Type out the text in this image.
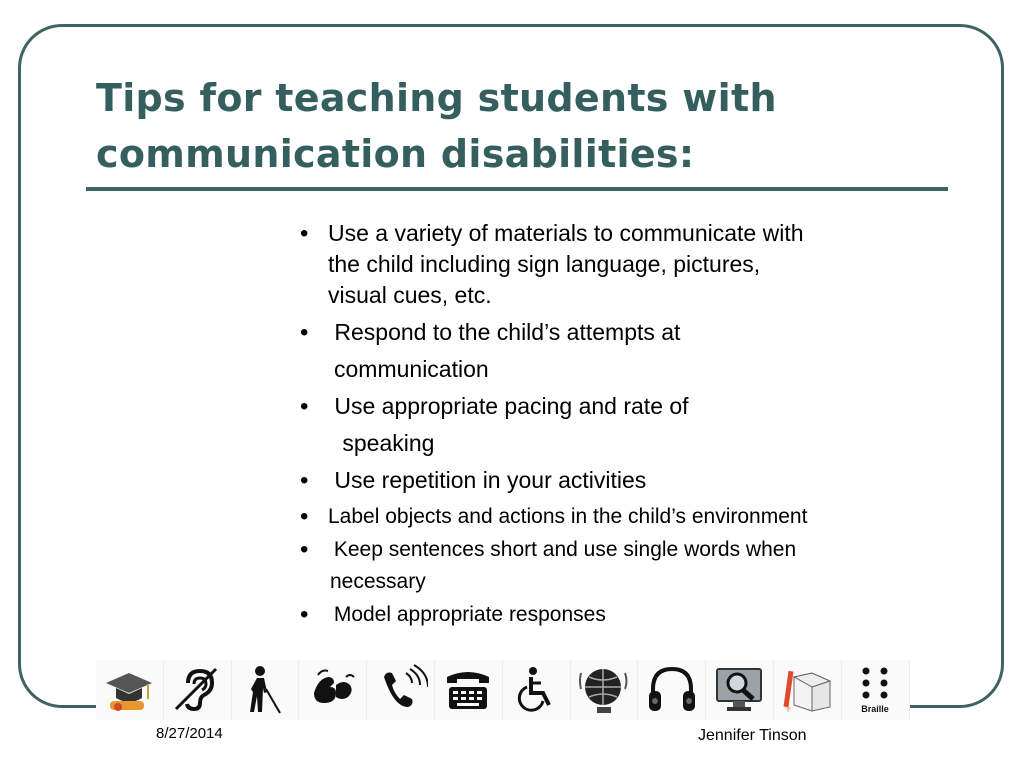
Tips for teaching students with
communication disabilities:
• Use a variety of materials to communicate with
the child including sign language, pictures,
visual cues, etc.
• Respond to the child’s attempts at
communication
• Use appropriate pacing and rate of
speaking
• Use repetition in your activities
• Label objects and actions in the child’s environment
• Keep sentences short and use single words when
necessary
• Model appropriate responses
Braille
8/27/2014	Jennifer Tinson
